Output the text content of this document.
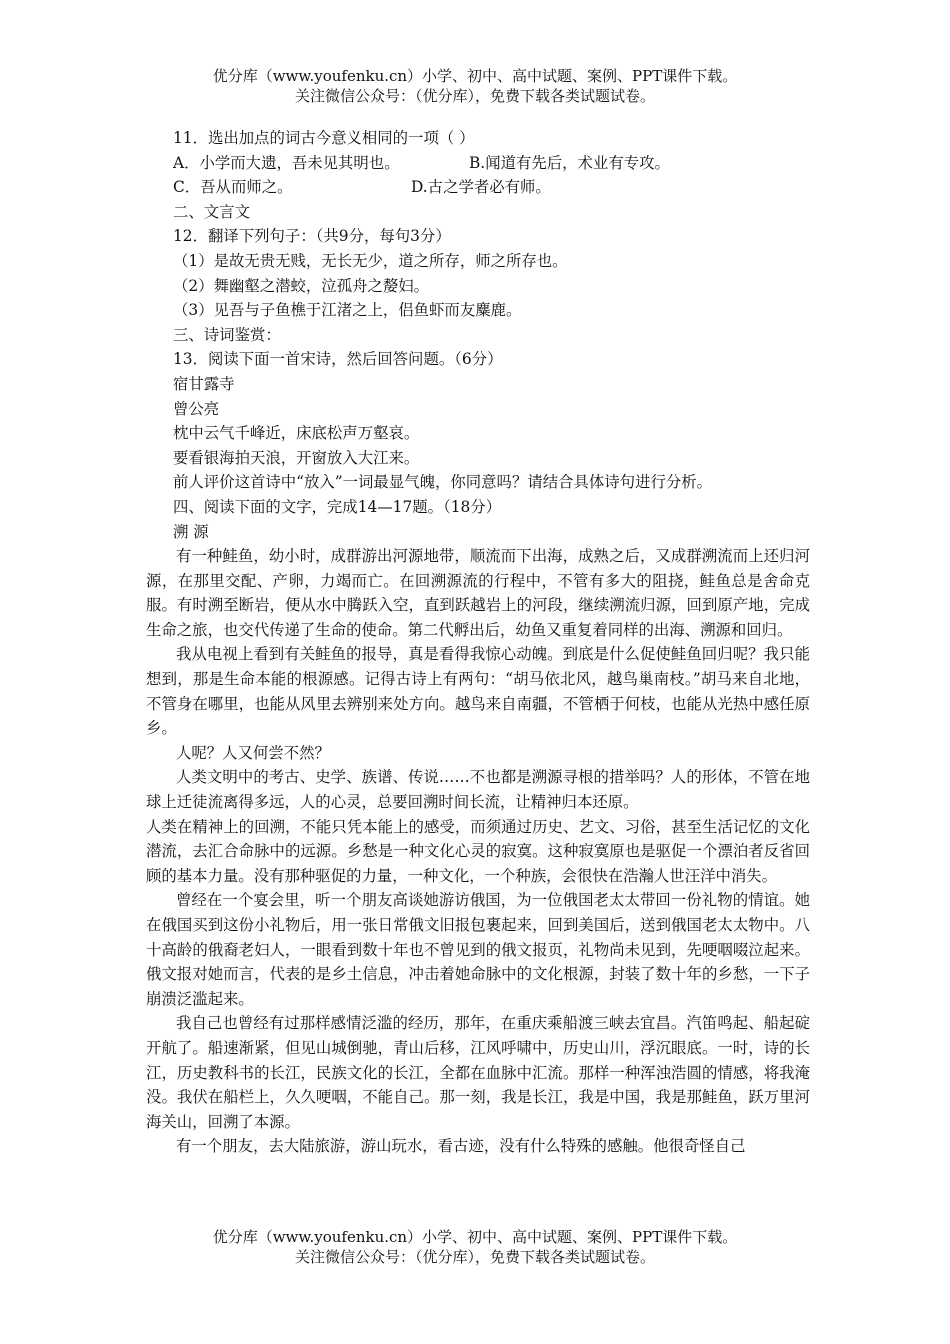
优分库（www.youfenku.cn）小学、初中、高中试题、案例、PPT课件下载。
关注微信公众号：（优分库），免费下载各类试题试卷。
11．选出加点的词古今意义相同的一项（ ）
A．小学而大遗，吾未见其明也。	B.闻道有先后，术业有专攻。
C．吾从而师之。	D.古之学者必有师。
二、文言文
12．翻译下列句子：（共9分，每句3分）
（1）是故无贵无贱，无长无少，道之所存，师之所存也。
（2）舞幽壑之潜蛟，泣孤舟之嫠妇。
（3）见吾与子鱼樵于江渚之上，侣鱼虾而友麋鹿。
三、诗词鉴赏：
13．阅读下面一首宋诗，然后回答问题。（6分）
宿甘露寺
曾公亮
枕中云气千峰近，床底松声万壑哀。
要看银海拍天浪，开窗放入大江来。
前人评价这首诗中“放入”一词最显气魄，你同意吗？请结合具体诗句进行分析。
四、阅读下面的文字，完成14—17题。（18分）
溯 源
有一种鲑鱼，幼小时，成群游出河源地带，顺流而下出海，成熟之后，又成群溯流而上还归河源，在那里交配、产卵，力竭而亡。在回溯源流的行程中，不管有多大的阻挠，鲑鱼总是舍命克服。有时溯至断岩，便从水中腾跃入空，直到跃越岩上的河段，继续溯流归源，回到原产地，完成生命之旅，也交代传递了生命的使命。第二代孵出后，幼鱼又重复着同样的出海、溯源和回归。
我从电视上看到有关鲑鱼的报导，真是看得我惊心动魄。到底是什么促使鲑鱼回归呢？我只能想到，那是生命本能的根源感。记得古诗上有两句：“胡马依北风，越鸟巢南枝。”胡马来自北地，不管身在哪里，也能从风里去辨别来处方向。越鸟来自南疆，不管栖于何枝，也能从光热中感任原乡。
人呢？人又何尝不然？
人类文明中的考古、史学、族谱、传说……不也都是溯源寻根的措举吗？人的形体，不管在地球上迁徒流离得多远，人的心灵，总要回溯时间长流，让精神归本还原。
人类在精神上的回溯，不能只凭本能上的感受，而须通过历史、艺文、习俗，甚至生活记忆的文化潜流，去汇合命脉中的远源。乡愁是一种文化心灵的寂寞。这种寂寞原也是驱促一个漂泊者反省回顾的基本力量。没有那种驱促的力量，一种文化，一个种族，会很快在浩瀚人世汪洋中消失。
曾经在一个宴会里，听一个朋友高谈她游访俄国，为一位俄国老太太带回一份礼物的情谊。她在俄国买到这份小礼物后，用一张日常俄文旧报包裹起来，回到美国后，送到俄国老太太物中。八十高龄的俄裔老妇人，一眼看到数十年也不曾见到的俄文报页，礼物尚未见到，先哽咽啜泣起来。俄文报对她而言，代表的是乡土信息，冲击着她命脉中的文化根源，封装了数十年的乡愁，一下子崩溃泛滥起来。
我自己也曾经有过那样感情泛滥的经历，那年，在重庆乘船渡三峡去宜昌。汽笛鸣起、船起碇开航了。船速渐紧，但见山城倒驰，青山后移，江风呼啸中，历史山川，浮沉眼底。一时，诗的长江，历史教科书的长江，民族文化的长江，全都在血脉中汇流。那样一种浑浊浩圆的情感，将我淹没。我伏在船栏上，久久哽咽，不能自己。那一刻，我是长江，我是中国，我是那鲑鱼，跃万里河海关山，回溯了本源。
有一个朋友，去大陆旅游，游山玩水，看古迹，没有什么特殊的感触。他很奇怪自己
优分库（www.youfenku.cn）小学、初中、高中试题、案例、PPT课件下载。
关注微信公众号：（优分库），免费下载各类试题试卷。
